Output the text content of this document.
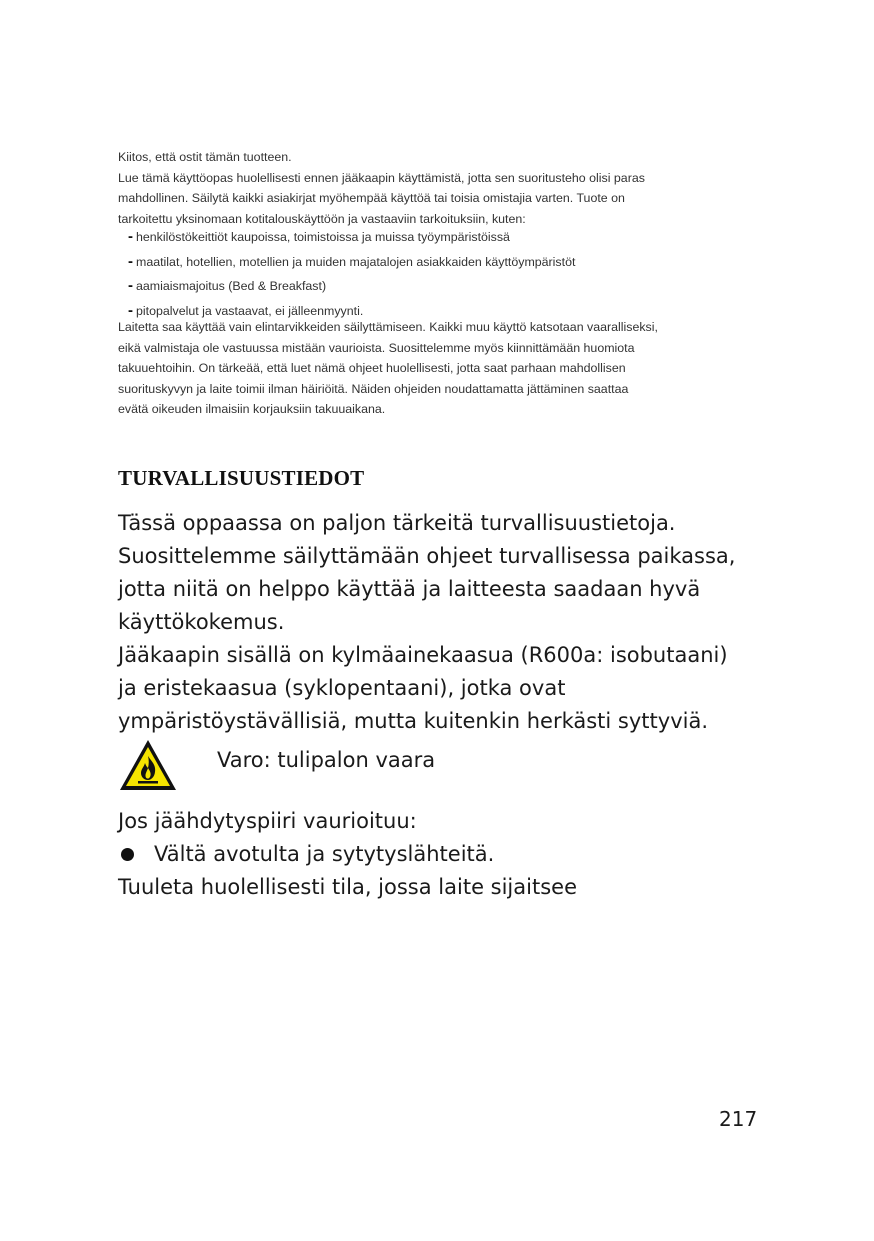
Kiitos, että ostit tämän tuotteen.
Lue tämä käyttöopas huolellisesti ennen jääkaapin käyttämistä, jotta sen suoritusteho olisi paras
mahdollinen. Säilytä kaikki asiakirjat myöhempää käyttöä tai toisia omistajia varten. Tuote on
tarkoitettu yksinomaan kotitalouskäyttöön ja vastaaviin tarkoituksiin, kuten:
- henkilöstökeittiöt kaupoissa, toimistoissa ja muissa työympäristöissä
- maatilat, hotellien, motellien ja muiden majatalojen asiakkaiden käyttöympäristöt
- aamiaismajoitus (Bed & Breakfast)
- pitopalvelut ja vastaavat, ei jälleenmyynti.
Laitetta saa käyttää vain elintarvikkeiden säilyttämiseen. Kaikki muu käyttö katsotaan vaaralliseksi,
eikä valmistaja ole vastuussa mistään vaurioista. Suosittelemme myös kiinnittämään huomiota
takuuehtoihin. On tärkeää, että luet nämä ohjeet huolellisesti, jotta saat parhaan mahdollisen
suorituskyvyn ja laite toimii ilman häiriöitä. Näiden ohjeiden noudattamatta jättäminen saattaa
evätä oikeuden ilmaisiin korjauksiin takuuaikana.
TURVALLISUUSTIEDOT
Tässä oppaassa on paljon tärkeitä turvallisuustietoja.
Suosittelemme säilyttämään ohjeet turvallisessa paikassa,
jotta niitä on helppo käyttää ja laitteesta saadaan hyvä
käyttökokemus.
Jääkaapin sisällä on kylmäainekaasua (R600a: isobutaani)
ja eristekaasua (syklopentaani), jotka ovat
ympäristöystävällisiä, mutta kuitenkin herkästi syttyviä.

Varo: tulipalon vaara

Jos jäähdytyspiiri vaurioituu:
Vältä avotulta ja sytytyslähteitä.
Tuuleta huolellisesti tila, jossa laite sijaitsee

217
